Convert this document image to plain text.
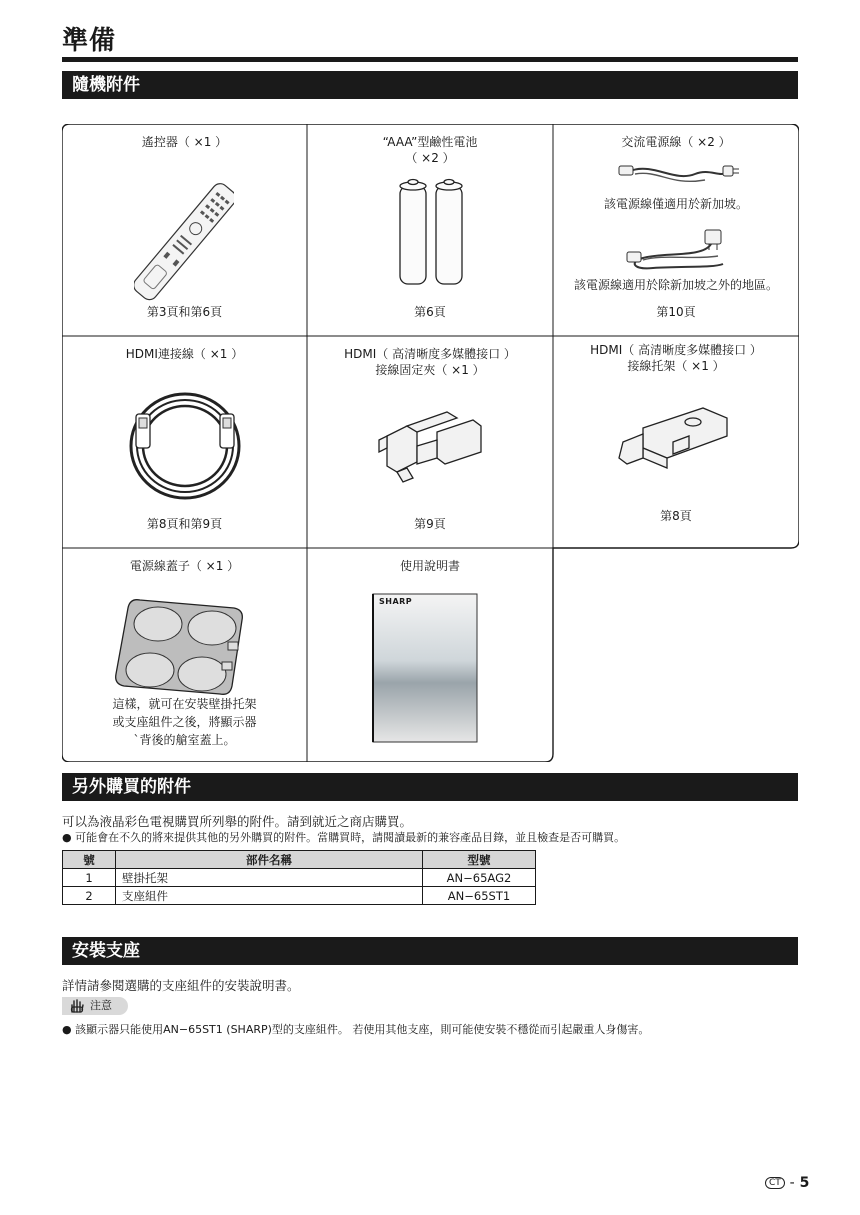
準備
隨機附件
遙控器（ ×1 ）
第3頁和第6頁
“AAA”型鹼性電池
（ ×2 ）
第6頁
交流電源線（ ×2 ）
該電源線僅適用於新加坡。
該電源線適用於除新加坡之外的地區。
第10頁
HDMI連接線（ ×1 ）
第8頁和第9頁
HDMI（ 高清晰度多媒體接口 ）
接線固定夾（ ×1 ）
第9頁
HDMI（ 高清晰度多媒體接口 ）
接線托架（ ×1 ）
第8頁
電源線蓋子（ ×1 ）
這樣，就可在安裝壁掛托架
或支座組件之後，將顯示器
`背後的艙室蓋上。
使用說明書
SHARP
另外購買的附件
可以為液晶彩色電視購買所列舉的附件。請到就近之商店購買。
● 可能會在不久的將來提供其他的另外購買的附件。當購買時，請閱讀最新的兼容產品目錄，並且檢查是否可購買。
號	部件名稱	型號
1	壁掛托架	AN−65AG2
2	支座組件	AN−65ST1
安裝支座
詳情請參閱選購的支座組件的安裝說明書。
注意
● 該顯示器只能使用AN−65ST1 (SHARP)型的支座組件。 若使用其他支座，則可能使安裝不穩從而引起嚴重人身傷害。
CT - 5
